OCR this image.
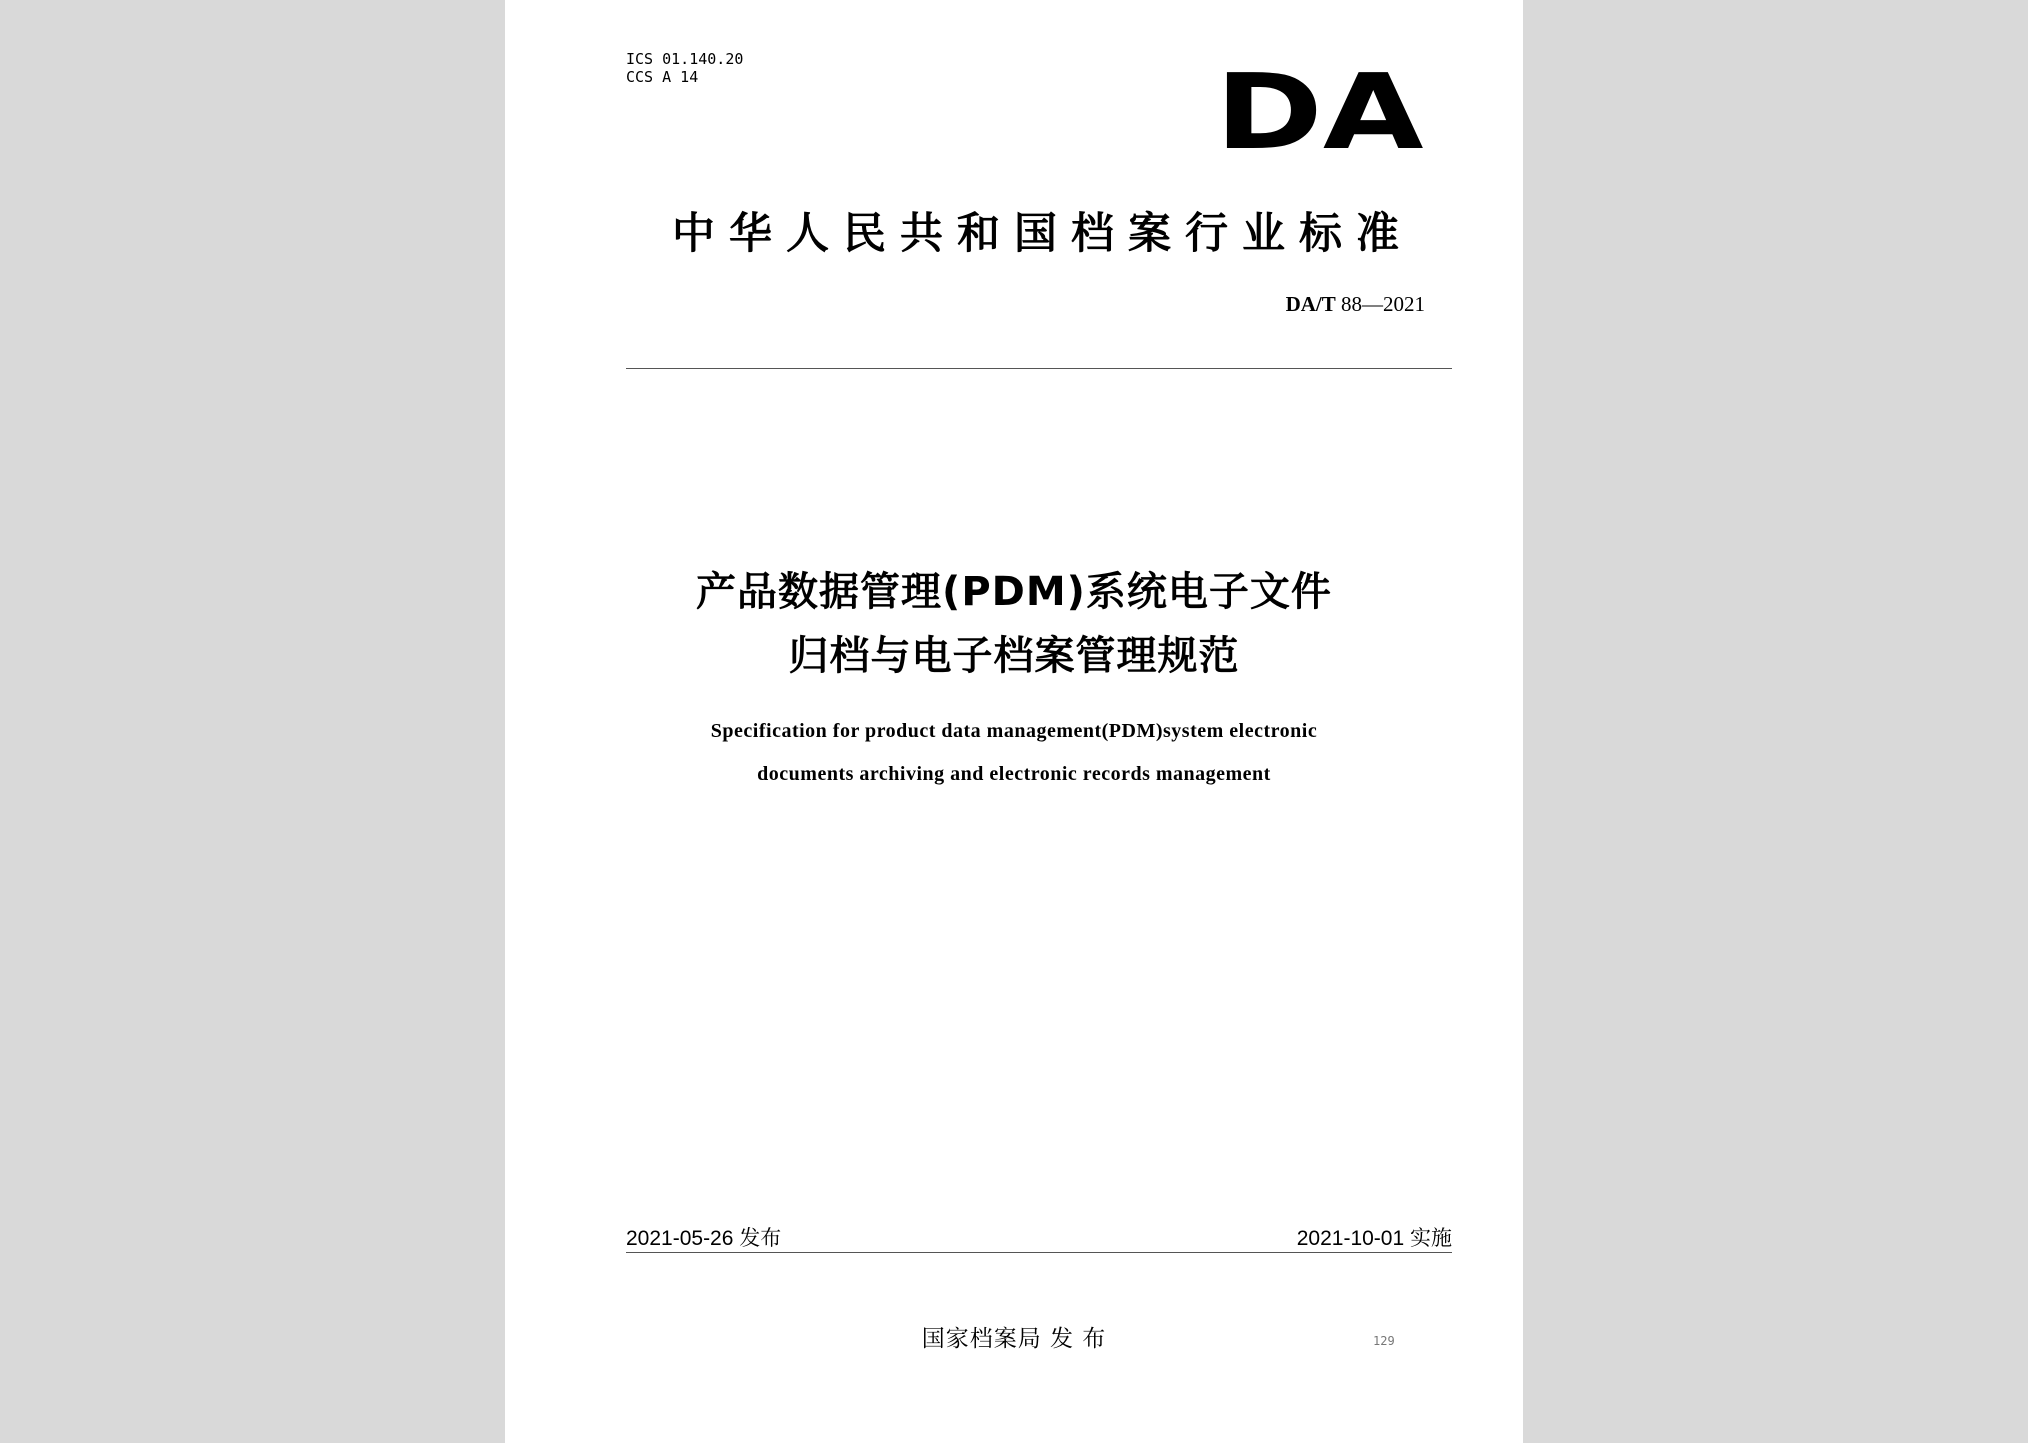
ICS 01.140.20
CCS A 14	DA
中华人民共和国档案行业标准
DA/T 88—2021
产品数据管理(PDM)系统电子文件
归档与电子档案管理规范
Specification for product data management(PDM)system electronic
documents archiving and electronic records management
2021-05-26 发布	2021-10-01 实施
国家档案局 发 布	129
